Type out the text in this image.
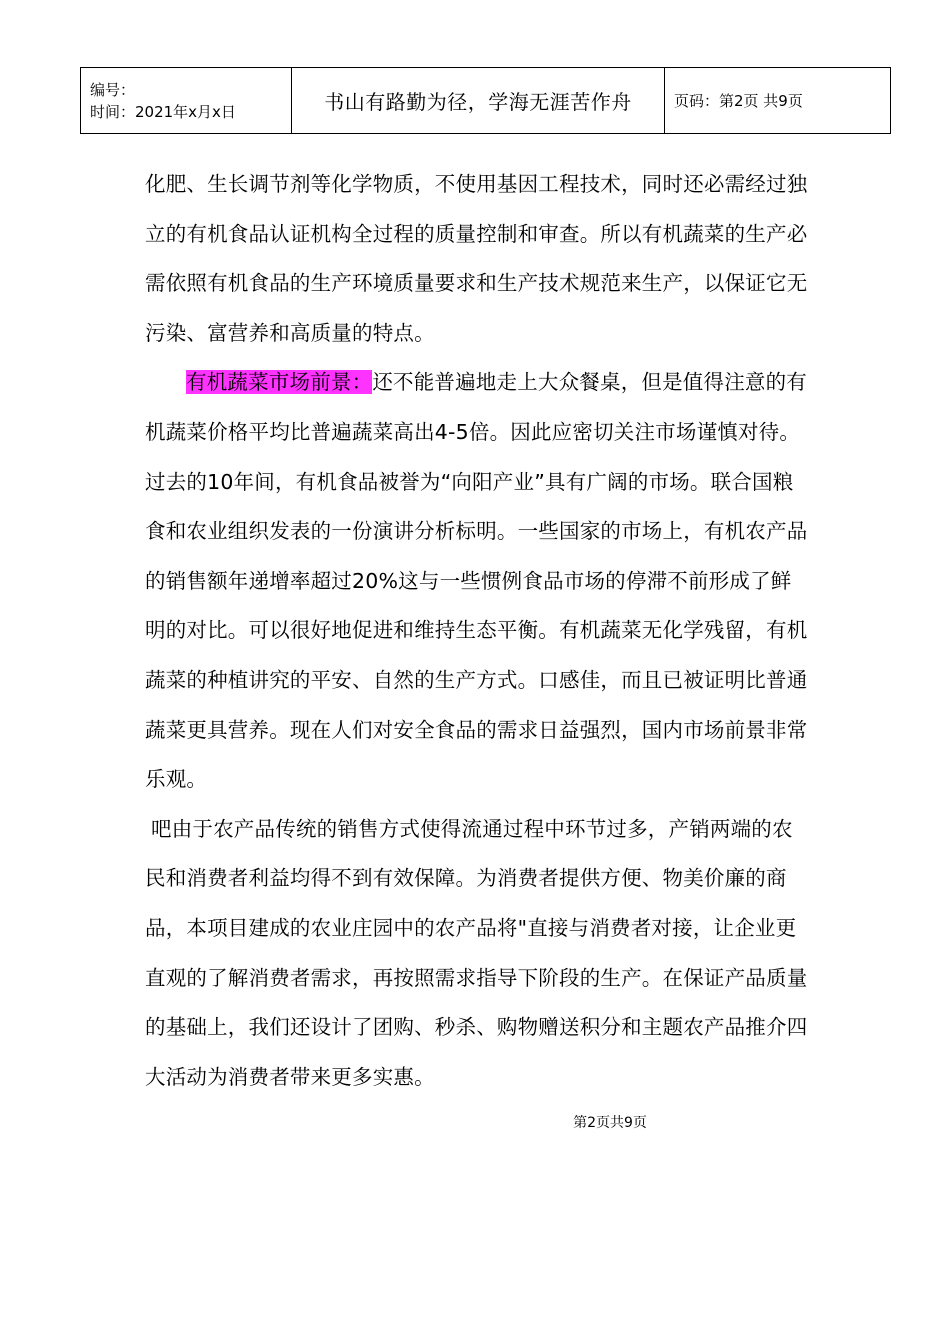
编号：
时间：2021年x月x日	书山有路勤为径，学海无涯苦作舟	页码：第2页 共9页

化肥、生长调节剂等化学物质，不使用基因工程技术，同时还必需经过独立的有机食品认证机构全过程的质量控制和审查。所以有机蔬菜的生产必需依照有机食品的生产环境质量要求和生产技术规范来生产，以保证它无污染、富营养和高质量的特点。

有机蔬菜市场前景：还不能普遍地走上大众餐桌，但是值得注意的有机蔬菜价格平均比普遍蔬菜高出4-5倍。因此应密切关注市场谨慎对待。过去的10年间，有机食品被誉为“向阳产业”具有广阔的市场。联合国粮食和农业组织发表的一份演讲分析标明。一些国家的市场上，有机农产品的销售额年递增率超过20%这与一些惯例食品市场的停滞不前形成了鲜明的对比。可以很好地促进和维持生态平衡。有机蔬菜无化学残留，有机蔬菜的种植讲究的平安、自然的生产方式。口感佳，而且已被证明比普通蔬菜更具营养。现在人们对安全食品的需求日益强烈，国内市场前景非常乐观。

吧由于农产品传统的销售方式使得流通过程中环节过多，产销两端的农民和消费者利益均得不到有效保障。为消费者提供方便、物美价廉的商品，本项目建成的农业庄园中的农产品将"直接与消费者对接，让企业更直观的了解消费者需求，再按照需求指导下阶段的生产。在保证产品质量的基础上，我们还设计了团购、秒杀、购物赠送积分和主题农产品推介四大活动为消费者带来更多实惠。

第2页共9页
